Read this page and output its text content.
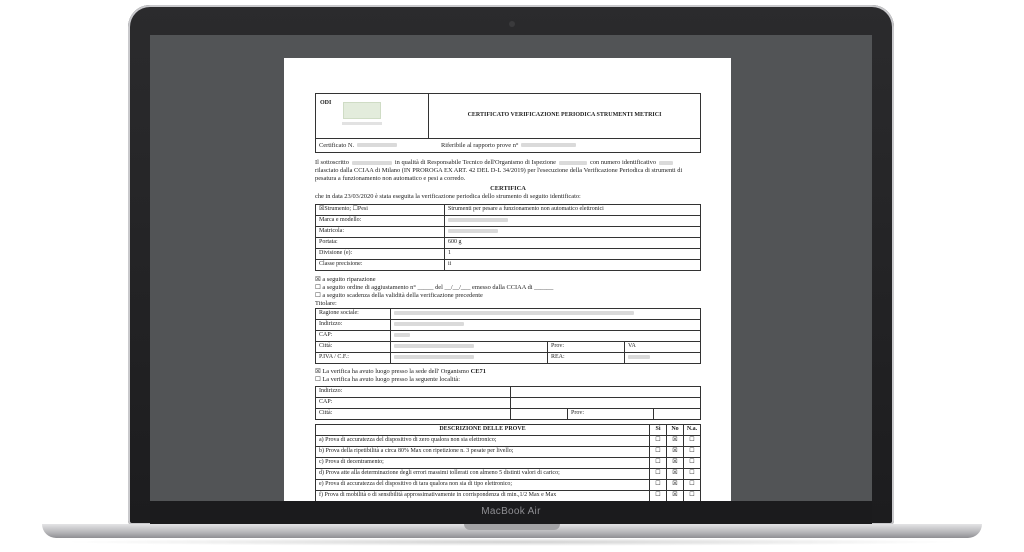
ODI
CERTIFICATO VERIFICAZIONE PERIODICA STRUMENTI METRICI
Certificato N.	Riferibile al rapporto prove n°
Il sottoscritto	in qualità di Responsabile Tecnico dell'Organismo di Ispezione	con numero identificativo rilasciato dalla CCIAA di Milano (IN PROROGA EX ART. 42 DEL D-L 34/2019) per l'esecuzione della Verificazione Periodica di strumenti di pesatura a funzionamento non automatico e pesi a corredo.
CERTIFICA
che in data 23/03/2020 è stata eseguita la verificazione periodica dello strumento di seguito identificato:
☒Strumento; ☐Pesi	Strumenti per pesare a funzionamento non automatico elettronici
Marca e modello:	
Matricola:	
Portata:	600 g
Divisione (e):	1
Classe precisione:	ii
☒ a seguito riparazione
☐ a seguito ordine di aggiustamento n° _____ del __/__/___ emesso dalla CCIAA di ______
☐ a seguito scadenza della validità della verificazione precedente
Titolare:
Ragione sociale:			
Indirizzo:			
CAP:			
Città:		Prov:	VA
P.IVA / C.F.:		REA:	
☒ La verifica ha avuto luogo presso la sede dell' Organismo CE71
☐ La verifica ha avuto luogo presso la seguente località:
Indirizzo:			
CAP:			
Città:		Prov:	
DESCRIZIONE DELLE PROVE	Si	No	N.a.
a) Prova di accuratezza del dispositivo di zero qualora non sia elettronico;	☐	☒	☐
b) Prova della ripetibilità a circa 80% Max con ripetizione n. 3 pesate per livello;	☐	☒	☐
c) Prova di decentramento;	☐	☒	☐
d) Prova atte alla determinazione degli errori massimi tollerati con almeno 5 distinti valori di carico;	☐	☒	☐
e) Prova di accuratezza del dispositivo di tara qualora non sia di tipo elettronico;	☐	☒	☐
f) Prova di mobilità o di sensibilità approssimativamente in corrispondenza di min.,1/2 Max e Max	☐	☒	☐
MacBook Air
